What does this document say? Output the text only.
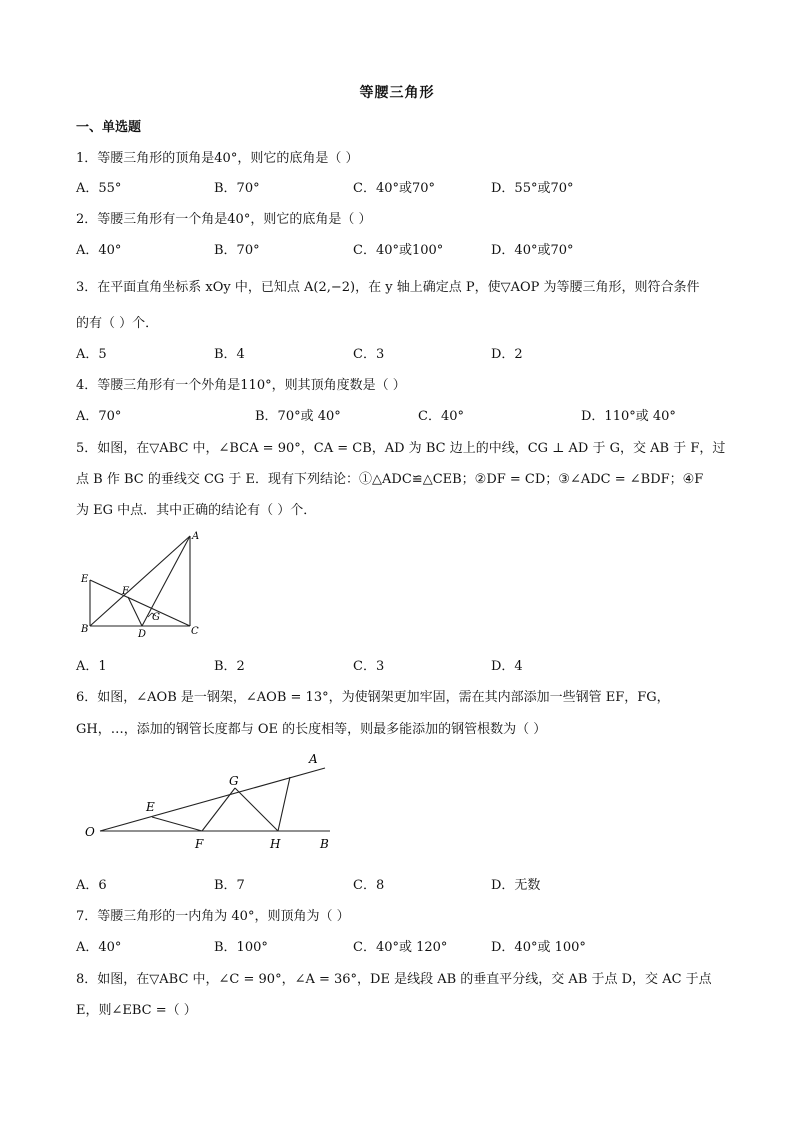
等腰三角形
一、单选题
1．等腰三角形的顶角是40°，则它的底角是（ ）
A．55°	B．70°	C．40°或70°	D．55°或70°
2．等腰三角形有一个角是40°，则它的底角是（ ）
A．40°	B．70°	C．40°或100°	D．40°或70°
3．在平面直角坐标系 xOy 中，已知点 A(2,−2)，在 y 轴上确定点 P，使▽AOP 为等腰三角形，则符合条件
的有（ ）个．
A．5	B．4	C．3	D．2
4．等腰三角形有一个外角是110°，则其顶角度数是（ ）
A．70°	B．70°或 40°	C．40°	D．110°或 40°
5．如图，在▽ABC 中，∠BCA = 90°，CA = CB，AD 为 BC 边上的中线，CG ⊥ AD 于 G，交 AB 于 F，过
点 B 作 BC 的垂线交 CG 于 E．现有下列结论：①△ADC≌△CEB；②DF = CD；③∠ADC = ∠BDF；④F
为 EG 中点．其中正确的结论有（ ）个．
A
E
F
G
B	D	C
A．1	B．2	C．3	D．4
6．如图，∠AOB 是一钢架，∠AOB = 13°，为使钢架更加牢固，需在其内部添加一些钢管 EF，FG，
GH，…，添加的钢管长度都与 OE 的长度相等，则最多能添加的钢管根数为（ ）
A
G
E
O
F	H	B
A．6	B．7	C．8	D．无数
7．等腰三角形的一内角为 40°，则顶角为（ ）
A．40°	B．100°	C．40°或 120°	D．40°或 100°
8．如图，在▽ABC 中，∠C = 90°，∠A = 36°，DE 是线段 AB 的垂直平分线，交 AB 于点 D，交 AC 于点
E，则∠EBC =（ ）
